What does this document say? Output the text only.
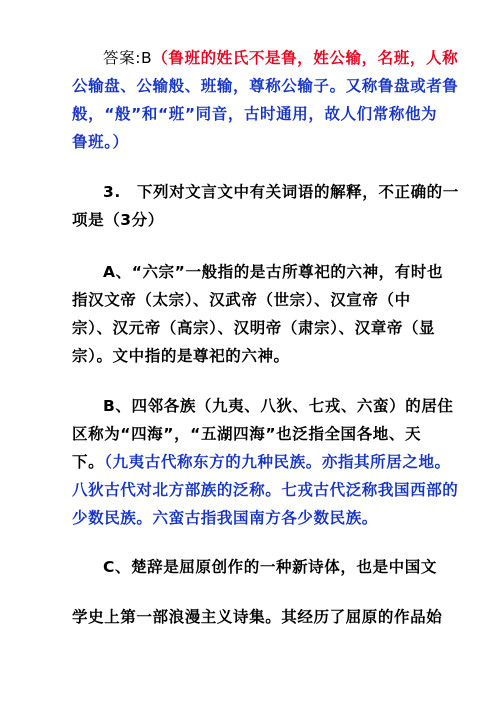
答案:B（鲁班的姓氏不是鲁，姓公输，名班，人称
公输盘、公输般、班输，尊称公输子。又称鲁盘或者鲁
般，“般”和“班”同音，古时通用，故人们常称他为
鲁班。）
3. 下列对文言文中有关词语的解释，不正确的一
项是（3分）
A、“六宗”一般指的是古所尊祀的六神，有时也
指汉文帝（太宗）、汉武帝（世宗）、汉宣帝（中
宗）、汉元帝（高宗）、汉明帝（肃宗）、汉章帝（显
宗）。文中指的是尊祀的六神。
B、四邻各族（九夷、八狄、七戎、六蛮）的居住
区称为“四海”，“五湖四海”也泛指全国各地、天
下。（九夷古代称东方的九种民族。亦指其所居之地。
八狄古代对北方部族的泛称。七戎古代泛称我国西部的
少数民族。六蛮古指我国南方各少数民族。
C、楚辞是屈原创作的一种新诗体，也是中国文
学史上第一部浪漫主义诗集。其经历了屈原的作品始
